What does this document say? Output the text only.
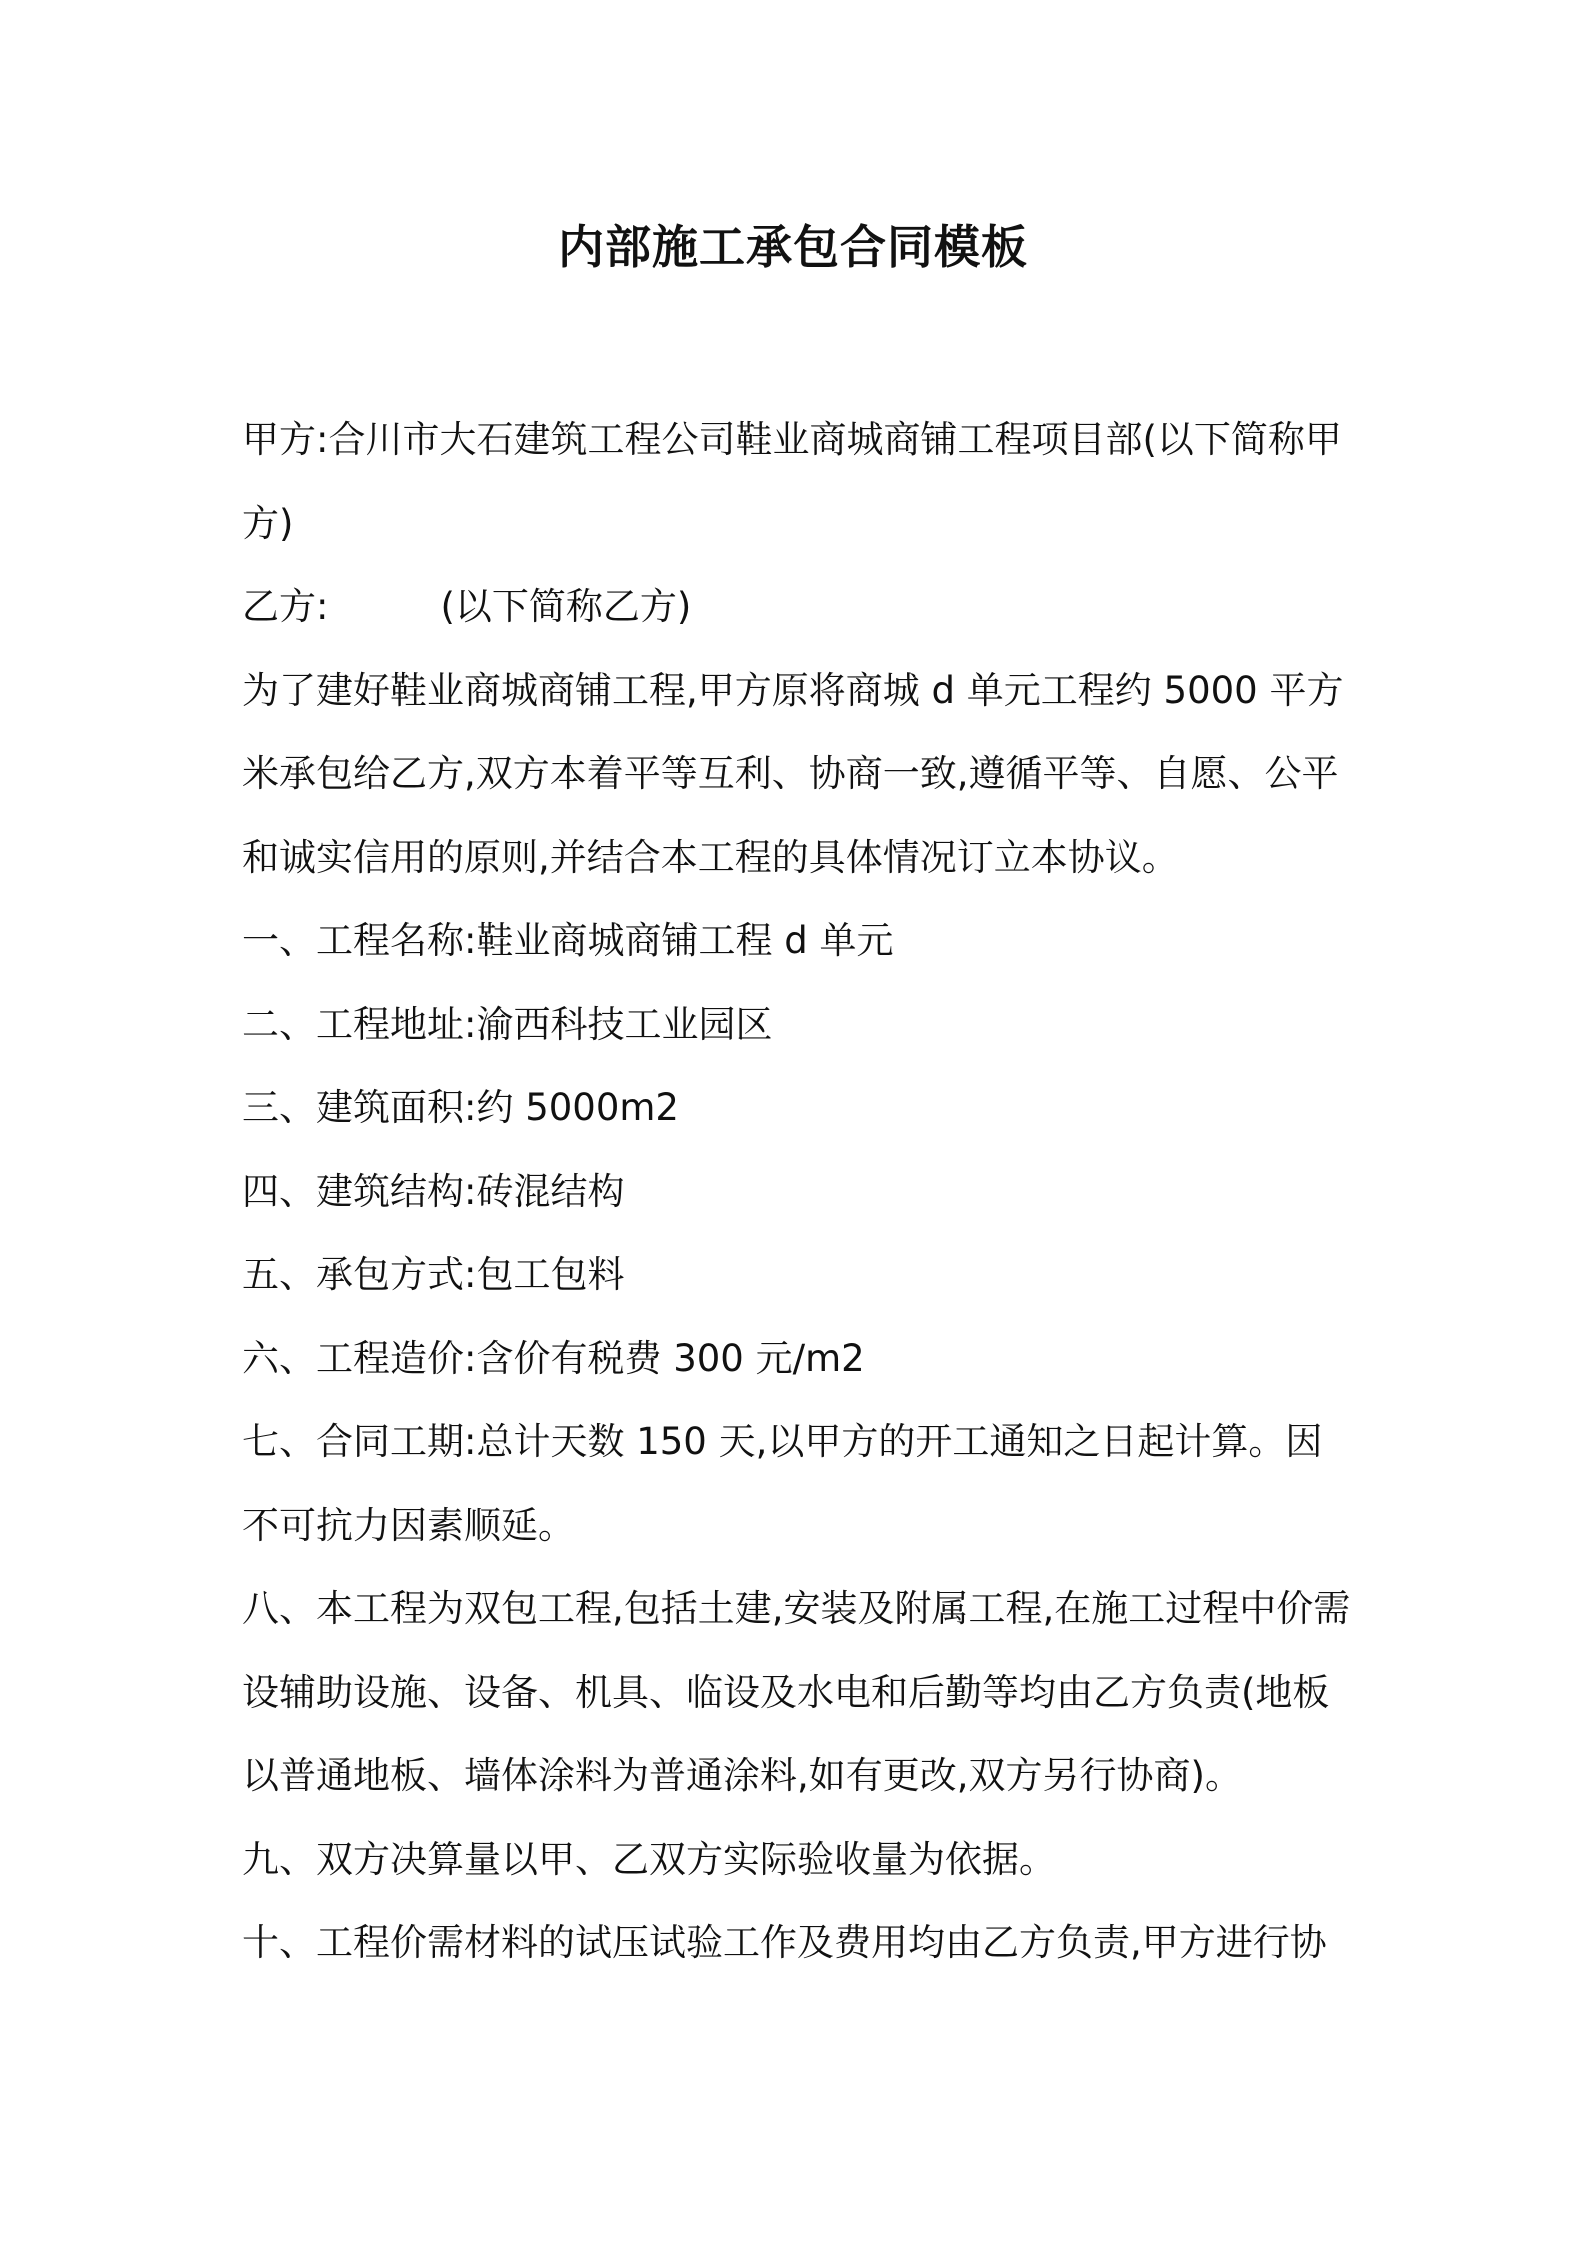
内部施工承包合同模板

甲方:合川市大石建筑工程公司鞋业商城商铺工程项目部(以下简称甲方)

乙方:	(以下简称乙方)

为了建好鞋业商城商铺工程,甲方原将商城 d 单元工程约 5000 平方米承包给乙方,双方本着平等互利、协商一致,遵循平等、自愿、公平和诚实信用的原则,并结合本工程的具体情况订立本协议。

一、工程名称:鞋业商城商铺工程 d 单元

二、工程地址:渝西科技工业园区

三、建筑面积:约 5000m2

四、建筑结构:砖混结构

五、承包方式:包工包料

六、工程造价:含价有税费 300 元/m2

七、合同工期:总计天数 150 天,以甲方的开工通知之日起计算。因不可抗力因素顺延。

八、本工程为双包工程,包括土建,安装及附属工程,在施工过程中价需设辅助设施、设备、机具、临设及水电和后勤等均由乙方负责(地板以普通地板、墙体涂料为普通涂料,如有更改,双方另行协商)。

九、双方决算量以甲、乙双方实际验收量为依据。

十、工程价需材料的试压试验工作及费用均由乙方负责,甲方进行协
